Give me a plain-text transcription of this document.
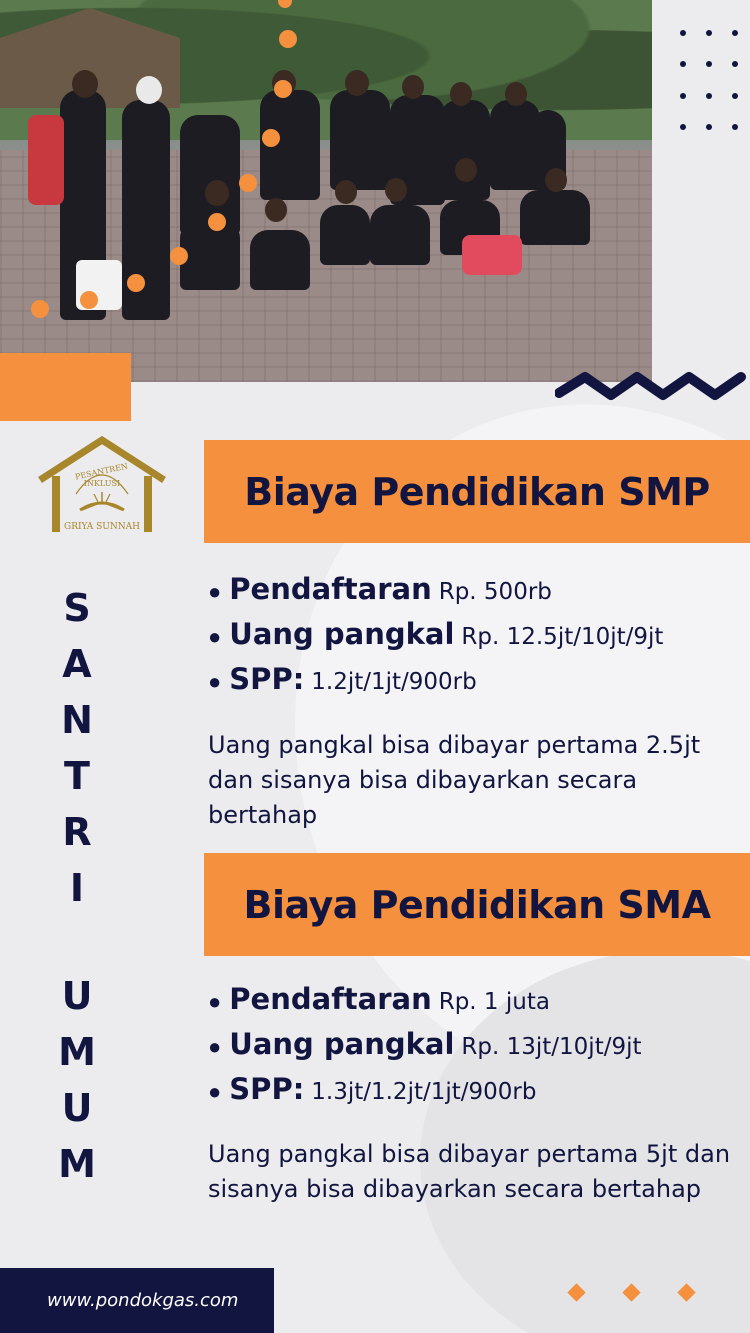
PESANTREN
INKLUSI
GRIYA SUNNAH
S
A
N
T
R
I
U
M
U
M
Biaya Pendidikan SMP
● Pendaftaran Rp. 500rb
● Uang pangkal Rp. 12.5jt/10jt/9jt
● SPP: 1.2jt/1jt/900rb

Uang pangkal bisa dibayar pertama 2.5jt dan sisanya bisa dibayarkan secara bertahap

Biaya Pendidikan SMA
● Pendaftaran Rp. 1 juta
● Uang pangkal Rp. 13jt/10jt/9jt
● SPP: 1.3jt/1.2jt/1jt/900rb

Uang pangkal bisa dibayar pertama 5jt dan sisanya bisa dibayarkan secara bertahap

www.pondokgas.com
